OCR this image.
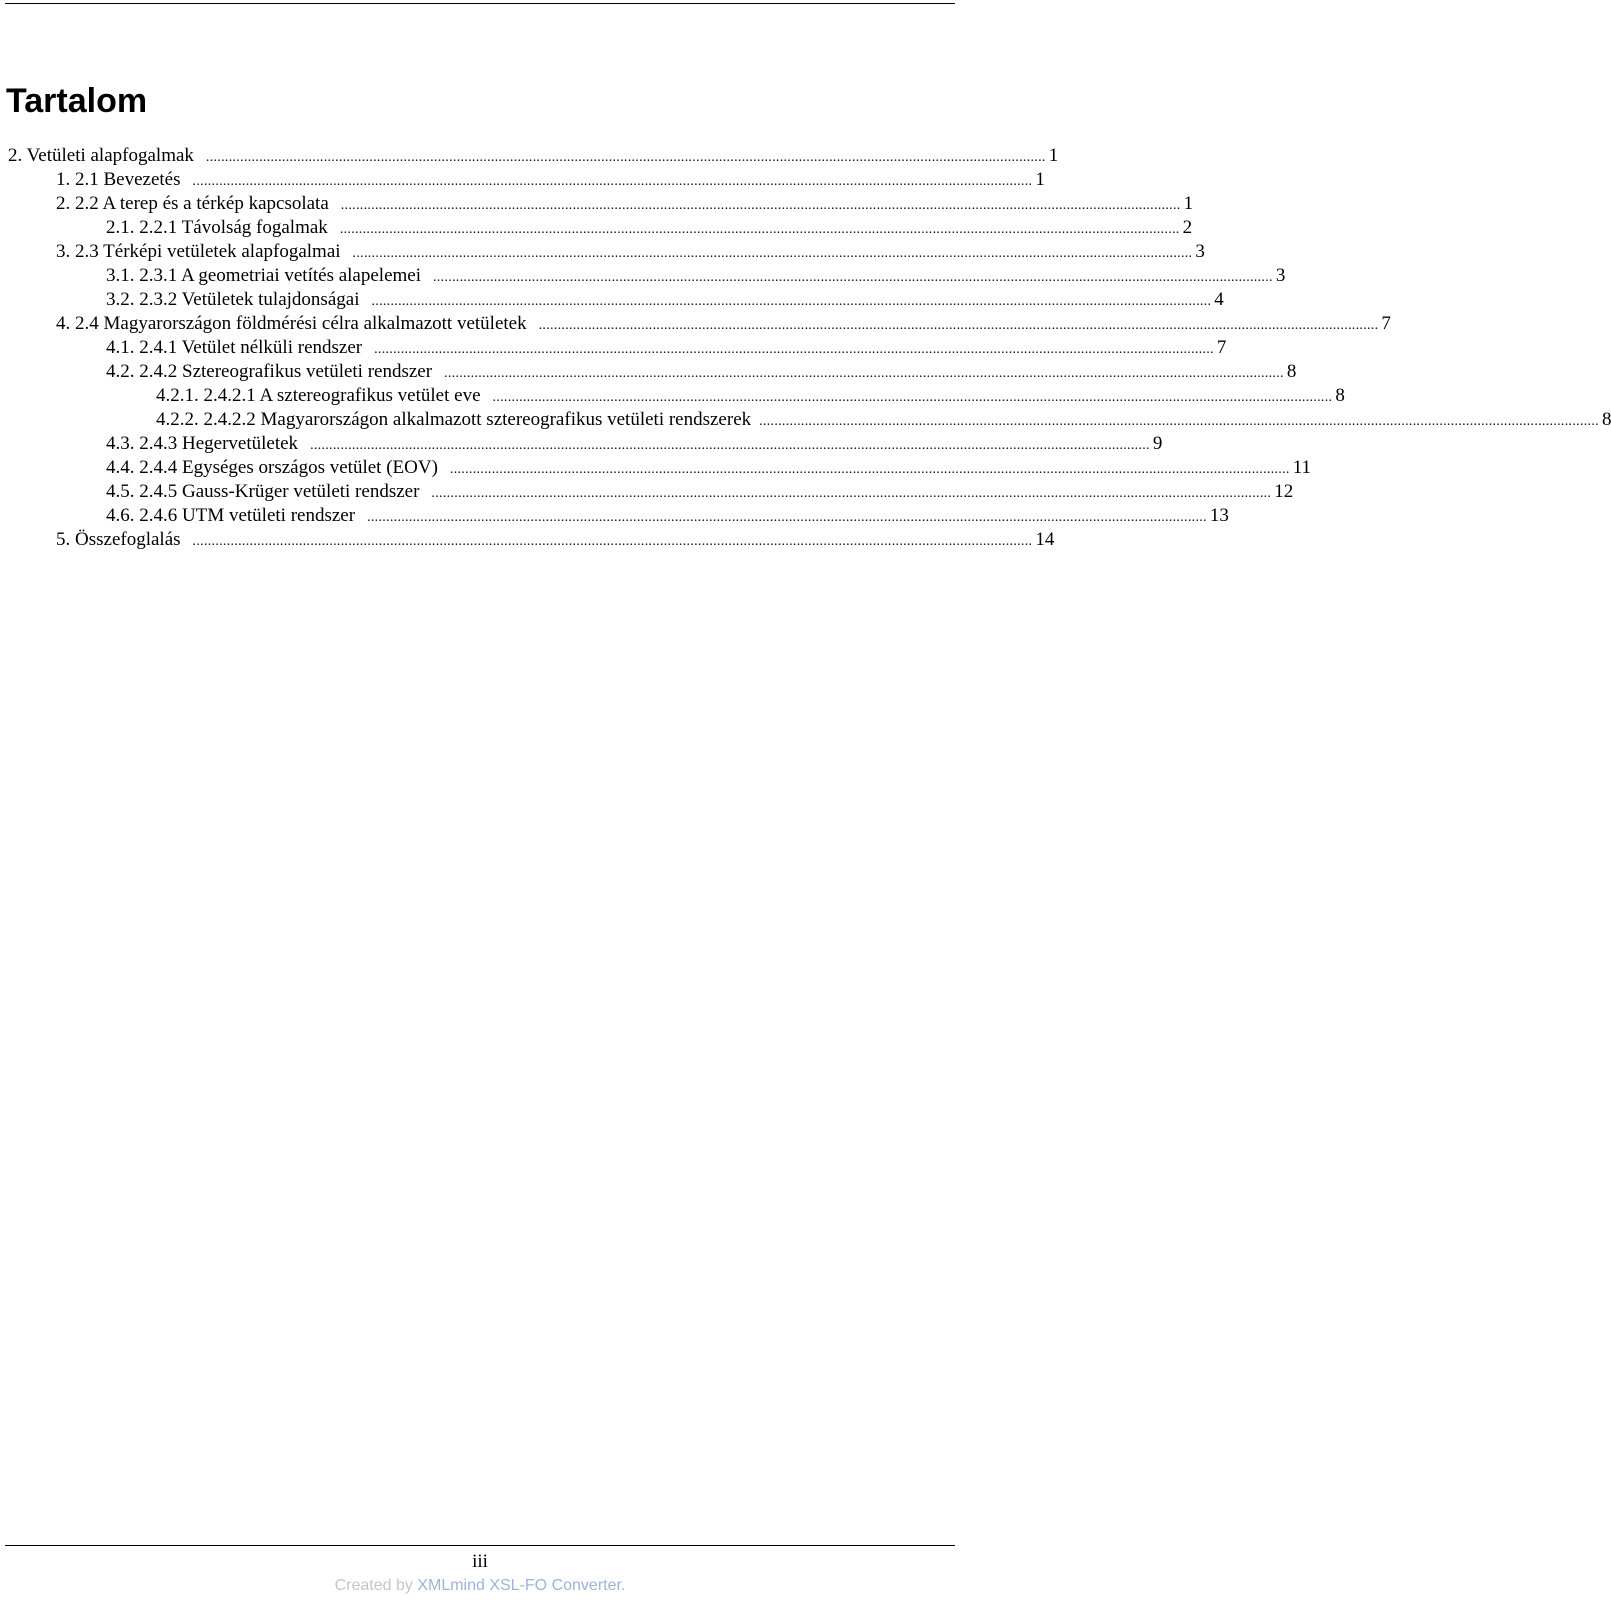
Tartalom
2. Vetületi alapfogalmak ............................................................................................................................................................................................................................. 1
1. 2.1 Bevezetés ............................................................................................................................................................................................................................. 1
2. 2.2 A terep és a térkép kapcsolata ............................................................................................................................................................................................................................. 1
2.1. 2.2.1 Távolság fogalmak ............................................................................................................................................................................................................................. 2
3. 2.3 Térképi vetületek alapfogalmai ............................................................................................................................................................................................................................. 3
3.1. 2.3.1 A geometriai vetítés alapelemei ............................................................................................................................................................................................................................. 3
3.2. 2.3.2 Vetületek tulajdonságai ............................................................................................................................................................................................................................. 4
4. 2.4 Magyarországon földmérési célra alkalmazott vetületek ............................................................................................................................................................................................................................. 7
4.1. 2.4.1 Vetület nélküli rendszer ............................................................................................................................................................................................................................. 7
4.2. 2.4.2 Sztereografikus vetületi rendszer ............................................................................................................................................................................................................................. 8
4.2.1. 2.4.2.1 A sztereografikus vetület eve ............................................................................................................................................................................................................................. 8
4.2.2. 2.4.2.2 Magyarországon alkalmazott sztereografikus vetületi rendszerek ............................................................................................................................................................................................................................. 8
4.3. 2.4.3 Hegervetületek ............................................................................................................................................................................................................................. 9
4.4. 2.4.4 Egységes országos vetület (EOV) ............................................................................................................................................................................................................................. 11
4.5. 2.4.5 Gauss-Krüger vetületi rendszer ............................................................................................................................................................................................................................. 12
4.6. 2.4.6 UTM vetületi rendszer ............................................................................................................................................................................................................................. 13
5. Összefoglalás ............................................................................................................................................................................................................................. 14
iii
Created by XMLmind XSL-FO Converter.
